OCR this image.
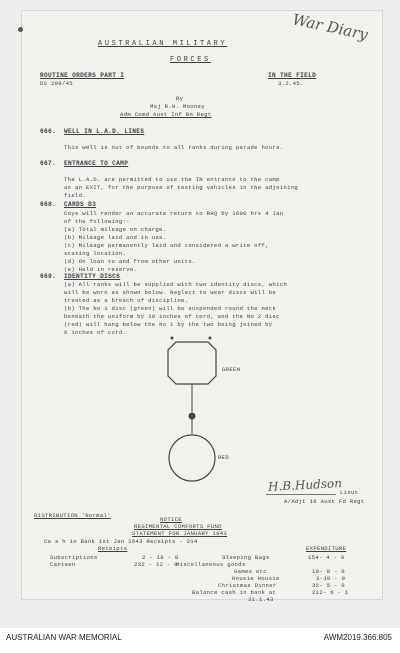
AUSTRALIAN MILITARY
FORCES
War Diary
ROUTINE ORDERS PART I
DS 209/45
IN THE FIELD
3.2.45.
By
Maj R.H. Mooney
Adm Comd Aust Inf Bn Regt
666. WELL IN L.A.D. LINES
This well is out of bounds to all ranks during parade hours.
667. ENTRANCE TO CAMP
The L.A.D. are permitted to use the IN entrance to the camp
as an EXIT, for the purpose of testing vehicles in the adjoining
field.
668. CARDS D3
Coys will render an accurate return to RHQ by 1600 hrs 4 Jan
of the following:-
(a) Total mileage on charge.
(b) Mileage laid and in use.
(c) Mileage permanently laid and considered a write off,
stating location.
(d) On loan to and from other units.
(e) Held in reserve.
669. IDENTITY DISCS
(a) All ranks will be supplied with two identity discs, which
will be worn as shown below. Neglect to wear discs will be
treated as a breach of discipline.
(b) The No 1 disc (green) will be suspended round the neck
beneath the uniform by 30 inches of cord, and the No 2 disc
(red) will hang below the No 1 by the two being joined by
6 inches of cord.
GREEN
RED
H.B.Hudson
Lieut
A/Adjt 16 Aust Fd Regt
DISTRIBUTION 'Normal'
NOTICE
REGIMENTAL COMFORTS FUND
STATEMENT FOR JANUARY 1943
Ca s h in Bank 1st Jan 1943 Receipts - 214
Receipts	EXPENDITURE
Subscriptions	2 - 18 - 0
Canteen	232 - 12 - 0
Sleeping Bags	154- 4 - 0
Miscellaneous goods
Games etc	10- 0 - 0
Housie Housie	3-10 - 0
Christmas Dinner	32- 5 - 0
Balance cash in bank at	212- 6 - 1
31.1.43
AUSTRALIAN WAR MEMORIAL	AWM2019.366.805
